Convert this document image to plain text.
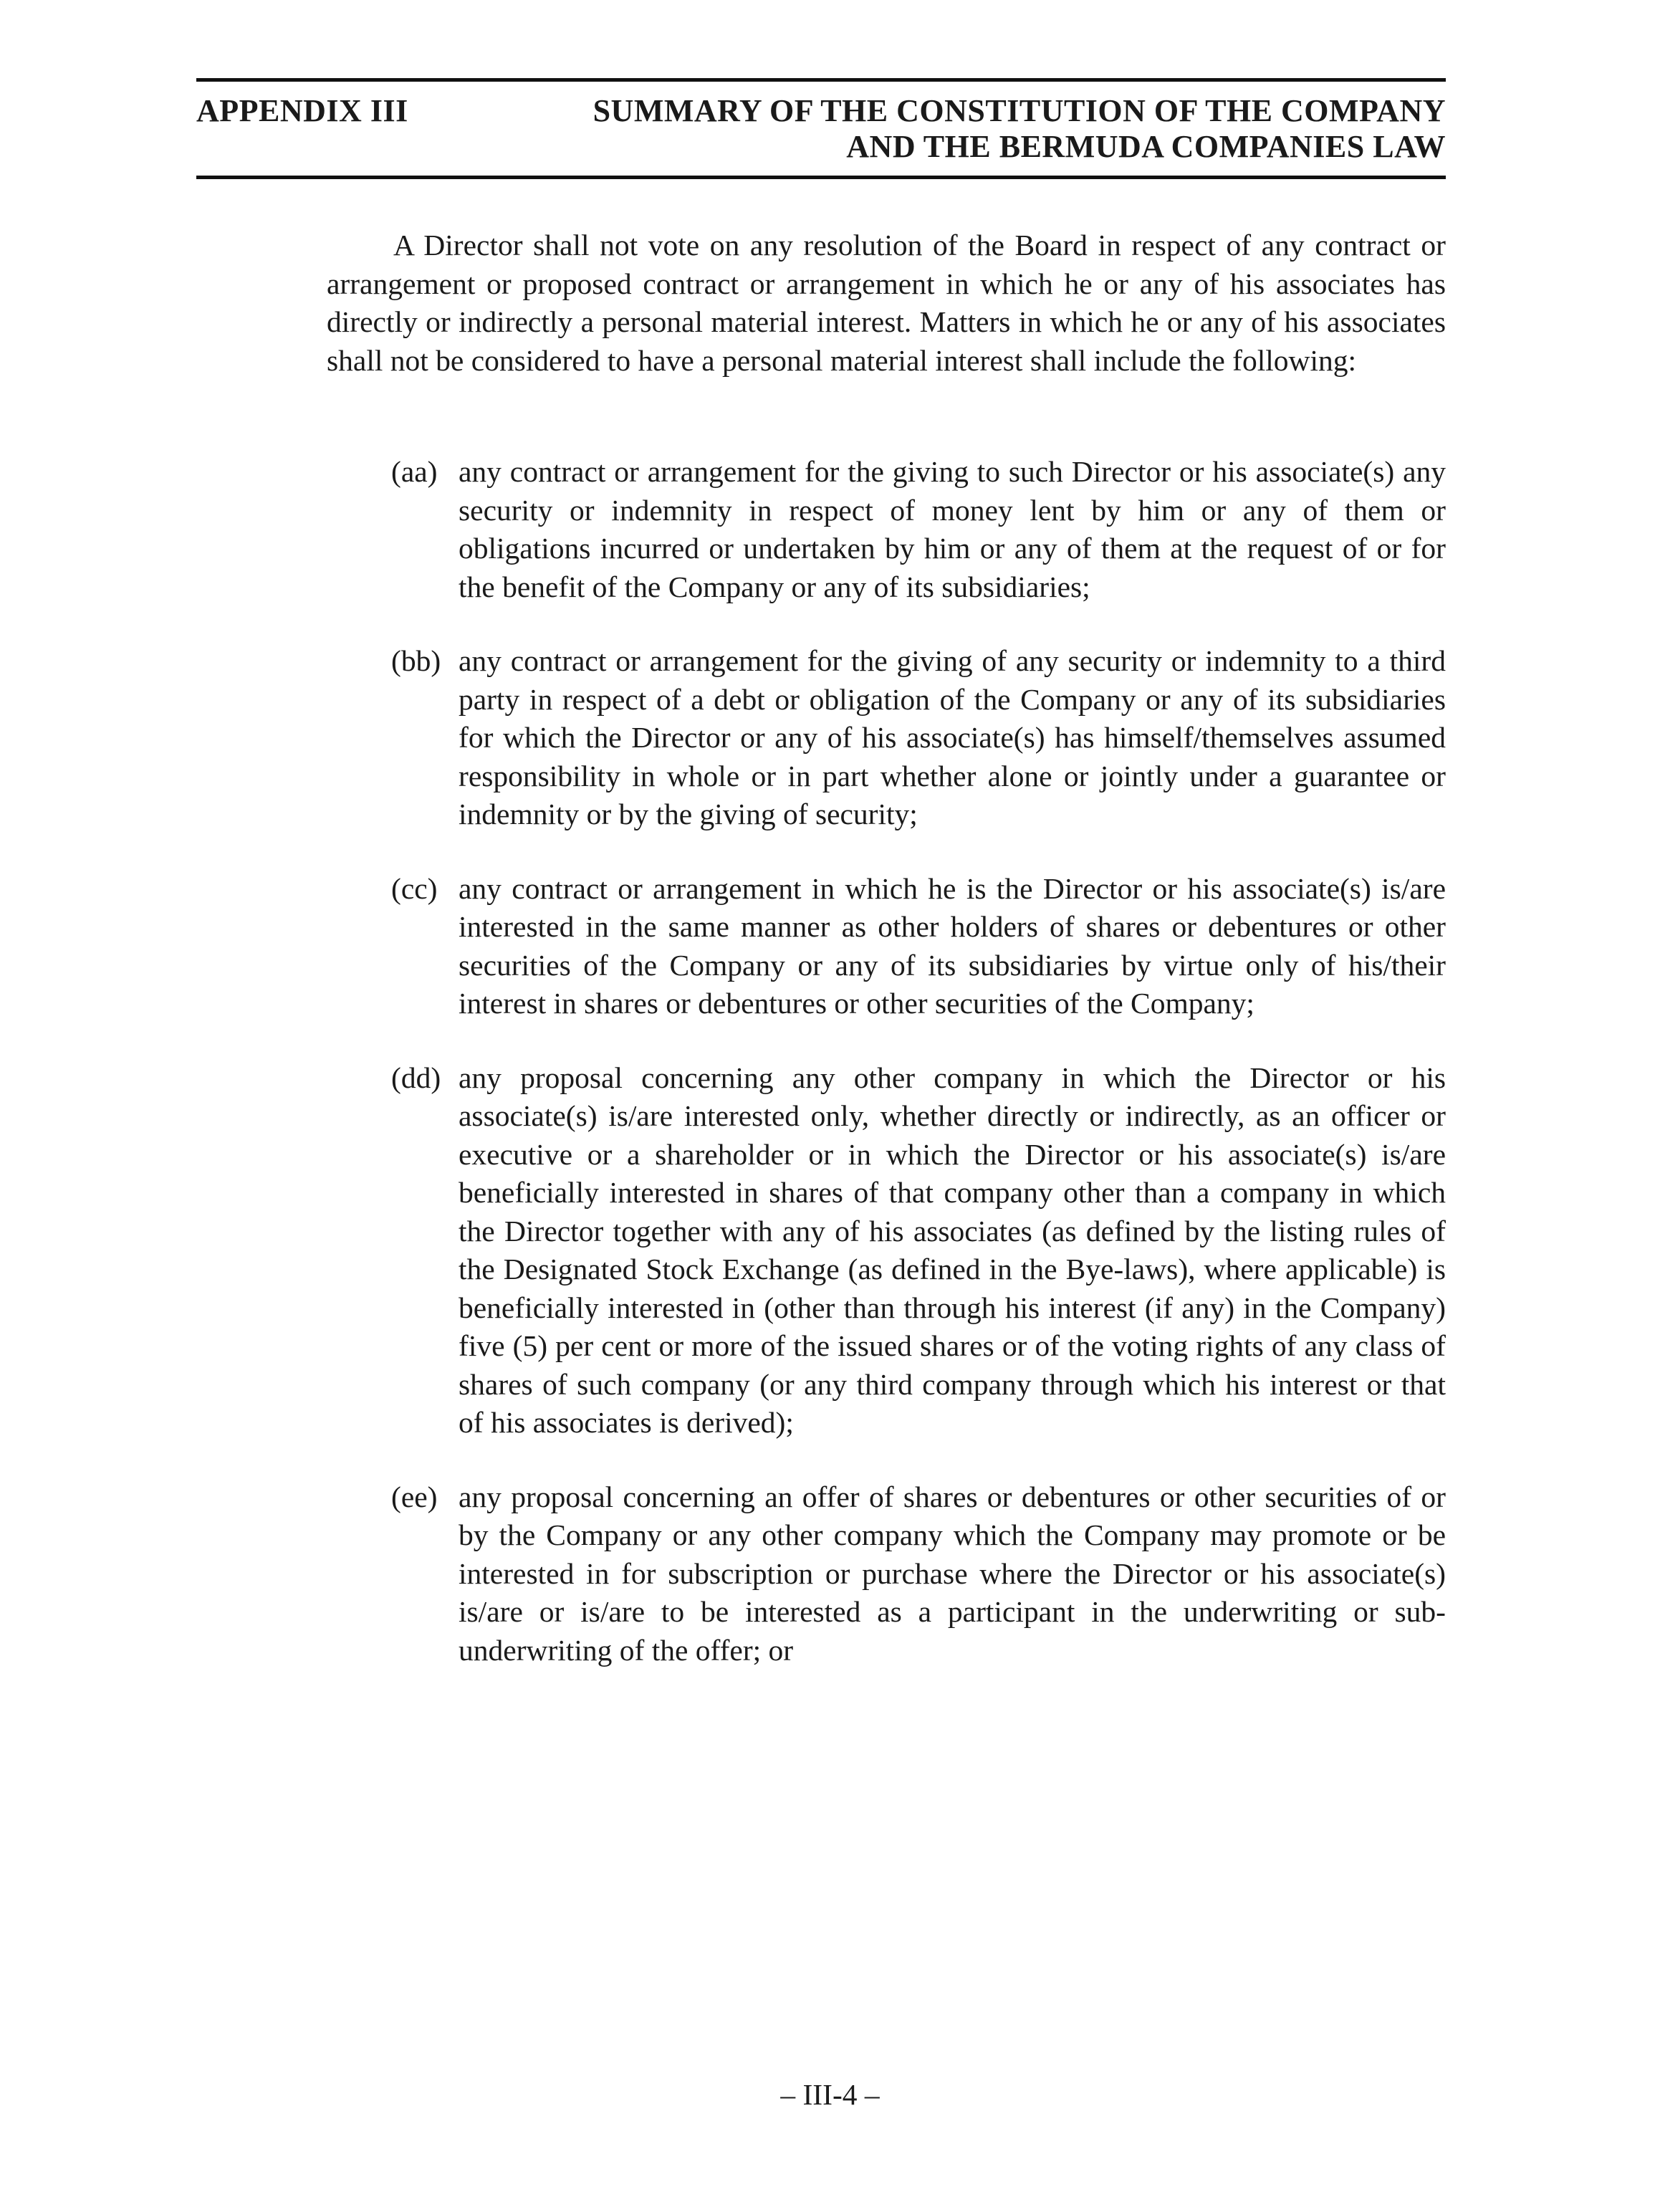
APPENDIX III	SUMMARY OF THE CONSTITUTION OF THE COMPANY
AND THE BERMUDA COMPANIES LAW

A Director shall not vote on any resolution of the Board in respect of any contract or arrangement or proposed contract or arrangement in which he or any of his associates has directly or indirectly a personal material interest. Matters in which he or any of his associates shall not be considered to have a personal material interest shall include the following:

(aa) any contract or arrangement for the giving to such Director or his associate(s) any security or indemnity in respect of money lent by him or any of them or obligations incurred or undertaken by him or any of them at the request of or for the benefit of the Company or any of its subsidiaries;
(bb) any contract or arrangement for the giving of any security or indemnity to a third party in respect of a debt or obligation of the Company or any of its subsidiaries for which the Director or any of his associate(s) has himself/themselves assumed responsibility in whole or in part whether alone or jointly under a guarantee or indemnity or by the giving of security;
(cc) any contract or arrangement in which he is the Director or his associate(s) is/are interested in the same manner as other holders of shares or debentures or other securities of the Company or any of its subsidiaries by virtue only of his/their interest in shares or debentures or other securities of the Company;
(dd) any proposal concerning any other company in which the Director or his associate(s) is/are interested only, whether directly or indirectly, as an officer or executive or a shareholder or in which the Director or his associate(s) is/are beneficially interested in shares of that company other than a company in which the Director together with any of his associates (as defined by the listing rules of the Designated Stock Exchange (as defined in the Bye-laws), where applicable) is beneficially interested in (other than through his interest (if any) in the Company) five (5) per cent or more of the issued shares or of the voting rights of any class of shares of such company (or any third company through which his interest or that of his associates is derived);
(ee) any proposal concerning an offer of shares or debentures or other securities of or by the Company or any other company which the Company may promote or be interested in for subscription or purchase where the Director or his associate(s) is/are or is/are to be interested as a participant in the underwriting or sub-underwriting of the offer; or
– III-4 –
